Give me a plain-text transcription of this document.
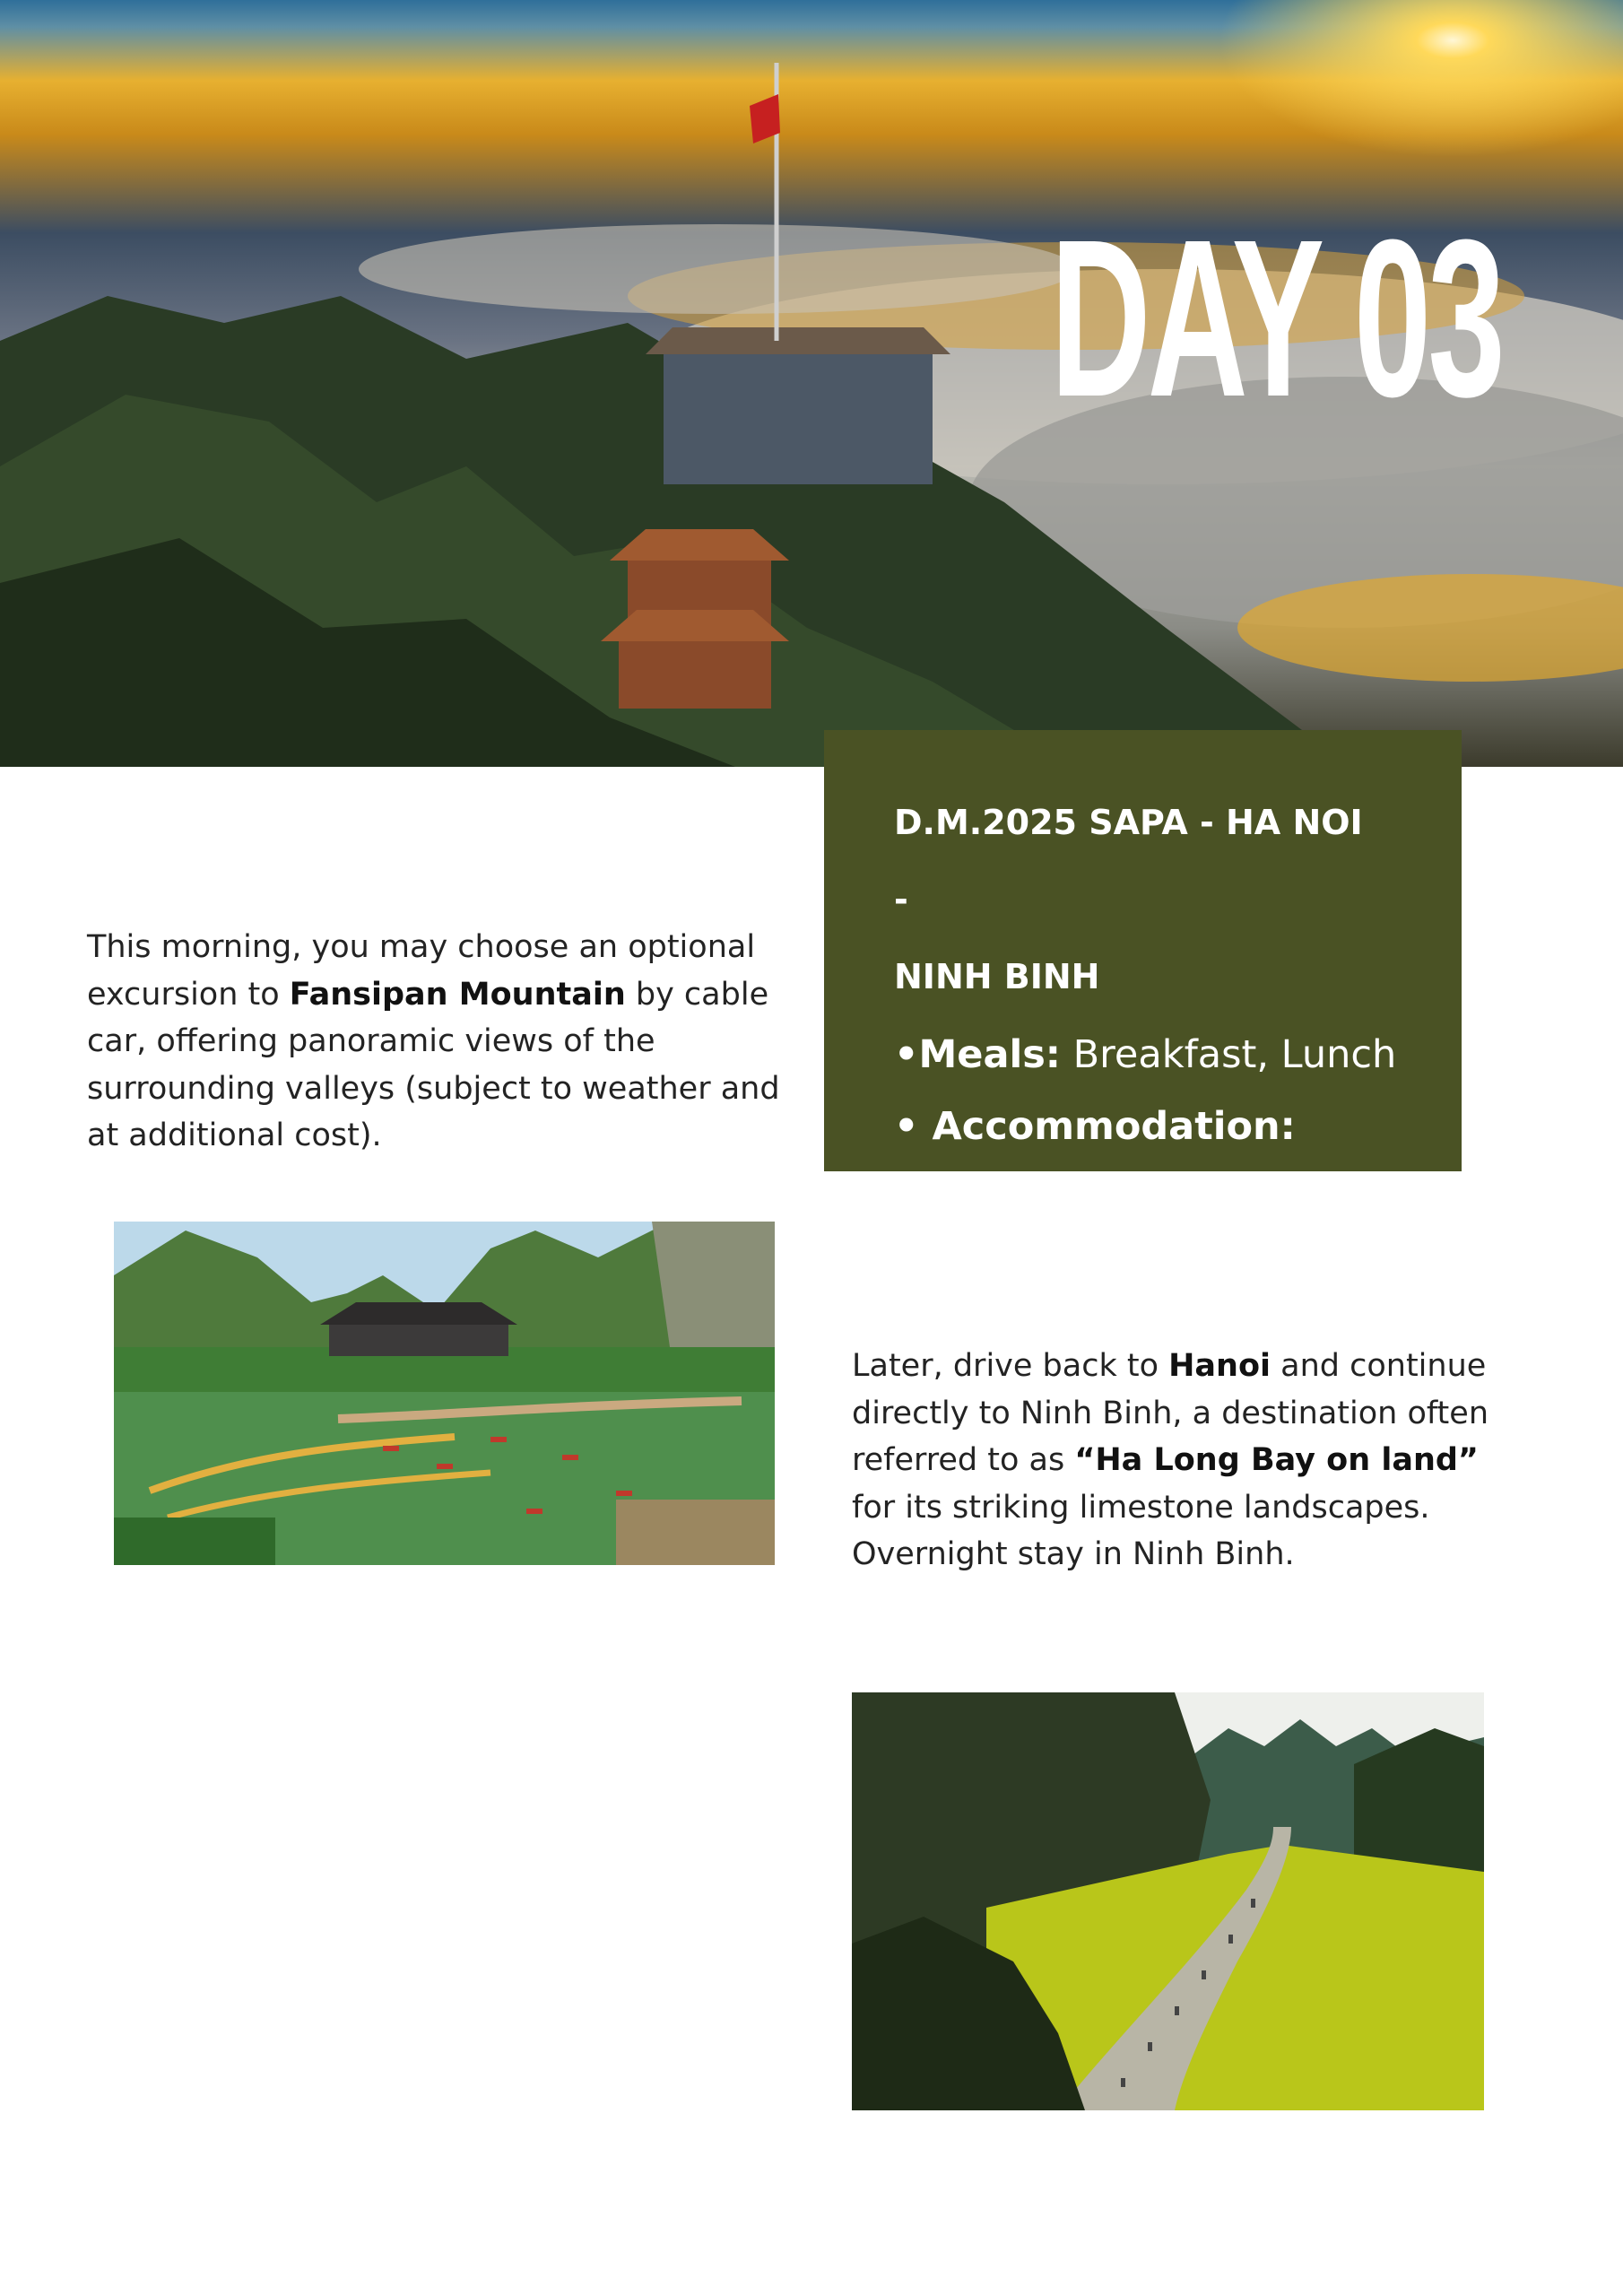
DAY 03

D.M.2025 SAPA - HA NOI -
NINH BINH

•Meals: Breakfast, Lunch
• Accommodation:

This morning, you may choose an optional excursion to Fansipan Mountain by cable car, offering panoramic views of the surrounding valleys (subject to weather and at additional cost).

Later, drive back to Hanoi and continue directly to Ninh Binh, a destination often referred to as “Ha Long Bay on land” for its striking limestone landscapes. Overnight stay in Ninh Binh.
